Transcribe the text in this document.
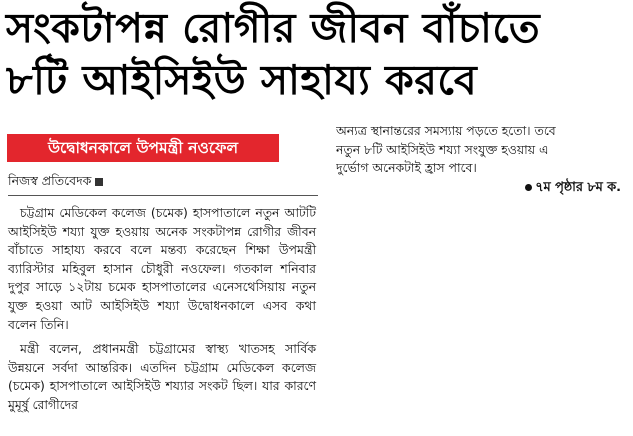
সংকটাপন্ন রোগীর জীবন বাঁচাতে
৮টি আইসিইউ সাহায্য করবে
উদ্বোধনকালে উপমন্ত্রী নওফেল
নিজস্ব প্রতিবেদক

চট্টগ্রাম মেডিকেল কলেজ (চমেক) হাসপাতালে নতুন আটটি আইসিইউ শয্যা যুক্ত হওয়ায় অনেক সংকটাপন্ন রোগীর জীবন বাঁচাতে সাহায্য করবে বলে মন্তব্য করেছেন শিক্ষা উপমন্ত্রী ব্যারিস্টার মহিবুল হাসান চৌধুরী নওফেল। গতকাল শনিবার দুপুর সাড়ে ১২টায় চমেক হাসপাতালের এনেসথেসিয়ায় নতুন যুক্ত হওয়া আট আইসিইউ শয্যা উদ্বোধনকালে এসব কথা বলেন তিনি।

মন্ত্রী বলেন, প্রধানমন্ত্রী চট্টগ্রামের স্বাস্থ্য খাতসহ সার্বিক উন্নয়নে সর্বদা আন্তরিক। এতদিন চট্টগ্রাম মেডিকেল কলেজ (চমেক) হাসপাতালে আইসিইউ শয্যার সংকট ছিল। যার কারণে মুমূর্ষু রোগীদের

অন্যত্র স্থানান্তরের সমস্যায় পড়তে হতো। তবে
নতুন ৮টি আইসিইউ শয্যা সংযুক্ত হওয়ায় এ
দুর্ভোগ অনেকটাই হ্রাস পাবে।
৭ম পৃষ্ঠার ৮ম ক.
